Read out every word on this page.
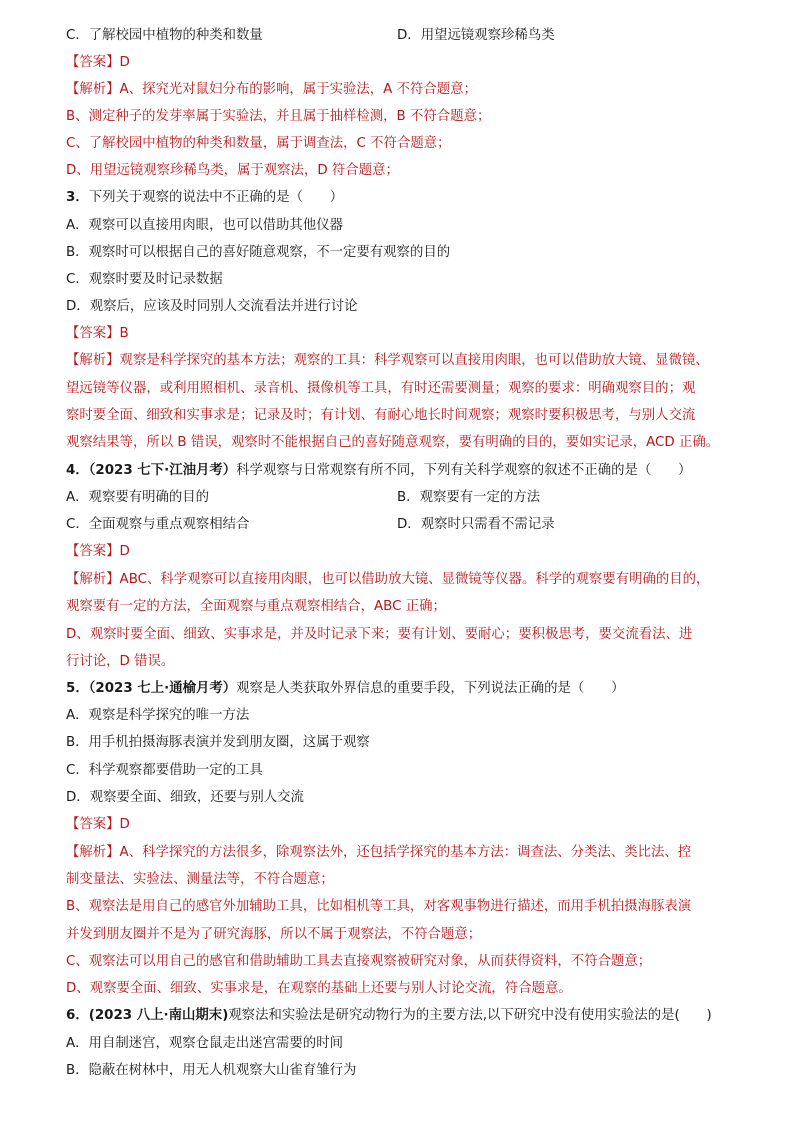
C．了解校园中植物的种类和数量	D．用望远镜观察珍稀鸟类
【答案】D
【解析】A、探究光对鼠妇分布的影响，属于实验法，A 不符合题意；
B、测定种子的发芽率属于实验法，并且属于抽样检测，B 不符合题意；
C、了解校园中植物的种类和数量，属于调查法，C 不符合题意；
D、用望远镜观察珍稀鸟类，属于观察法，D 符合题意；
3．下列关于观察的说法中不正确的是（　　）
A．观察可以直接用肉眼，也可以借助其他仪器
B．观察时可以根据自己的喜好随意观察，不一定要有观察的目的
C．观察时要及时记录数据
D．观察后，应该及时同别人交流看法并进行讨论
【答案】B
【解析】观察是科学探究的基本方法；观察的工具：科学观察可以直接用肉眼，也可以借助放大镜、显微镜、
望远镜等仪器，或利用照相机、录音机、摄像机等工具，有时还需要测量；观察的要求：明确观察目的；观
察时要全面、细致和实事求是；记录及时；有计划、有耐心地长时间观察；观察时要积极思考，与别人交流
观察结果等，所以 B 错误，观察时不能根据自己的喜好随意观察，要有明确的目的，要如实记录，ACD 正确。
4．（2023 七下·江油月考）科学观察与日常观察有所不同，下列有关科学观察的叙述不正确的是（　　）
A．观察要有明确的目的	B．观察要有一定的方法
C．全面观察与重点观察相结合	D．观察时只需看不需记录
【答案】D
【解析】ABC、科学观察可以直接用肉眼，也可以借助放大镜、显微镜等仪器。科学的观察要有明确的目的，
观察要有一定的方法，全面观察与重点观察相结合，ABC 正确；
D、观察时要全面、细致、实事求是，并及时记录下来；要有计划、要耐心；要积极思考，要交流看法、进
行讨论，D 错误。
5．（2023 七上·通榆月考）观察是人类获取外界信息的重要手段，下列说法正确的是（　　）
A．观察是科学探究的唯一方法
B．用手机拍摄海豚表演并发到朋友圈，这属于观察
C．科学观察都要借助一定的工具
D．观察要全面、细致，还要与别人交流
【答案】D
【解析】A、科学探究的方法很多，除观察法外，还包括学探究的基本方法：调查法、分类法、类比法、控
制变量法、实验法、测量法等，不符合题意；
B、观察法是用自己的感官外加辅助工具，比如相机等工具，对客观事物进行描述，而用手机拍摄海豚表演
并发到朋友圈并不是为了研究海豚，所以不属于观察法，不符合题意；
C、观察法可以用自己的感官和借助辅助工具去直接观察被研究对象，从而获得资料，不符合题意；
D、观察要全面、细致、实事求是，在观察的基础上还要与别人讨论交流，符合题意。
6．(2023 八上·南山期末)观察法和实验法是研究动物行为的主要方法,以下研究中没有使用实验法的是(　　)
A．用自制迷宫，观察仓鼠走出迷宫需要的时间
B．隐蔽在树林中，用无人机观察大山雀育雏行为
